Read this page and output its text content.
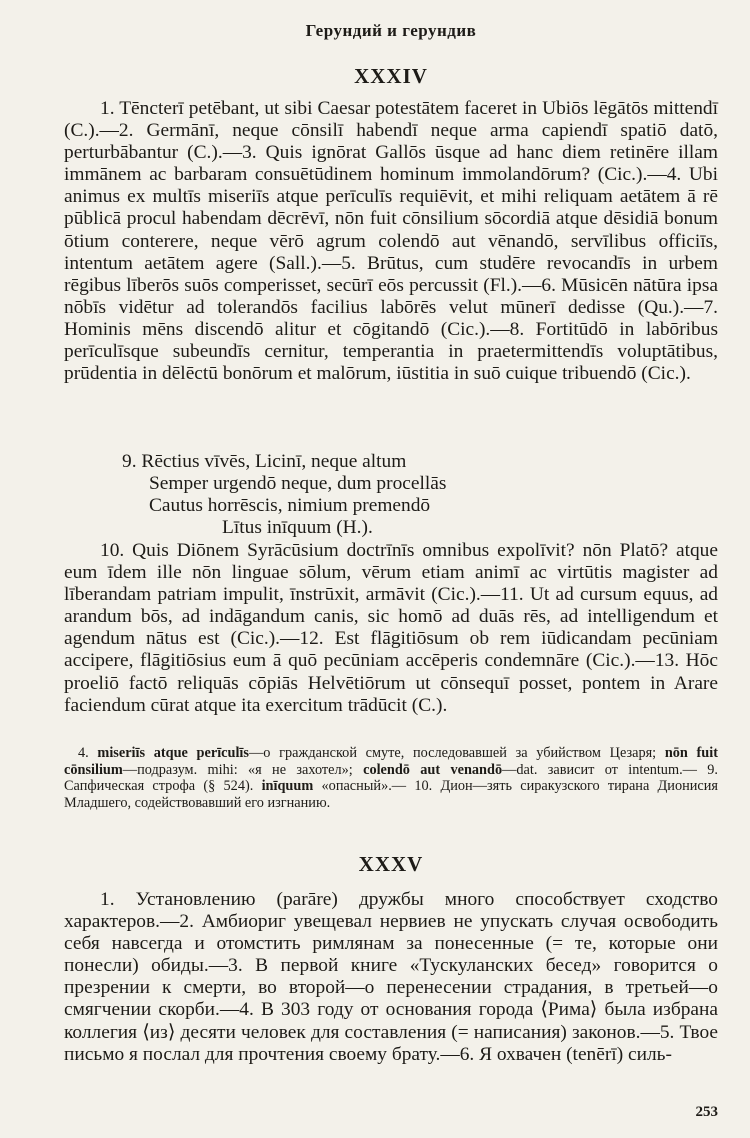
Герундий и герундив
XXXIV

1. Tēncterī petēbant, ut sibi Caesar potestātem faceret in Ubiōs lēgātōs mittendī (C.).—2. Germānī, neque cōnsilī habendī neque arma capiendī spatiō datō, perturbābantur (C.).—3. Quis ignōrat Gallōs ūsque ad hanc diem retinēre illam immānem ac barbaram consuētūdinem hominum immolandōrum? (Cic.).—4. Ubi animus ex multīs miseriīs atque perīculīs requiēvit, et mihi reliquam aetātem ā rē pūblicā procul habendam dēcrēvī, nōn fuit cōnsilium sōcordiā atque dēsidiā bonum ōtium conterere, neque vērō agrum colendō aut vēnandō, servīlibus officiīs, intentum aetātem agere (Sall.).—5. Brūtus, cum studēre revocandīs in urbem rēgibus līberōs suōs comperisset, secūrī eōs percussit (Fl.).—6. Mūsicēn nātūra ipsa nōbīs vidētur ad tolerandōs facilius labōrēs velut mūnerī dedisse (Qu.).—7. Hominis mēns discendō alitur et cōgitandō (Cic.).—8. Fortitūdō in labōribus perīculīsque subeundīs cernitur, temperantia in praetermittendīs voluptātibus, prūdentia in dēlēctū bonōrum et malōrum, iūstitia in suō cuique tribuendō (Cic.).

9. Rēctius vīvēs, Licinī, neque altum
Semper urgendō neque, dum procellās
Cautus horrēscis, nimium premendō
Lītus inīquum (H.).

10. Quis Diōnem Syrācūsium doctrīnīs omnibus expolīvit? nōn Platō? atque eum īdem ille nōn linguae sōlum, vērum etiam animī ac virtūtis magister ad līberandam patriam impulit, īnstrūxit, armāvit (Cic.).—11. Ut ad cursum equus, ad arandum bōs, ad indāgandum canis, sic homō ad duās rēs, ad intelligendum et agendum nātus est (Cic.).—12. Est flāgitiōsum ob rem iūdicandam pecūniam accipere, flāgitiōsius eum ā quō pecūniam accēperis condemnāre (Cic.).—13. Hōc proeliō factō reliquās cōpiās Helvētiōrum ut cōnsequī posset, pontem in Arare faciendum cūrat atque ita exercitum trādūcit (C.).

4. miseriīs atque perīculīs—о гражданской смуте, последовавшей за убийством Цезаря; nōn fuit cōnsilium—подразум. mihi: «я не захотел»; colendō aut venandō—dat. зависит от intentum.— 9. Сапфическая строфа (§ 524). inīquum «опасный».— 10. Дион—зять сиракузского тирана Дионисия Младшего, содействовавший его изгнанию.

XXXV

1. Установлению (parāre) дружбы много способствует сходство характеров.—2. Амбиориг увещевал нервиев не упускать случая освободить себя навсегда и отомстить римлянам за понесенные (= те, которые они понесли) обиды.—3. В первой книге «Тускуланских бесед» говорится о презрении к смерти, во второй—о перенесении страдания, в третьей—о смягчении скорби.—4. В 303 году от основания города ⟨Рима⟩ была избрана коллегия ⟨из⟩ десяти человек для составления (= написания) законов.—5. Твое письмо я послал для прочтения своему брату.—6. Я охвачен (tenērī) силь-

253
